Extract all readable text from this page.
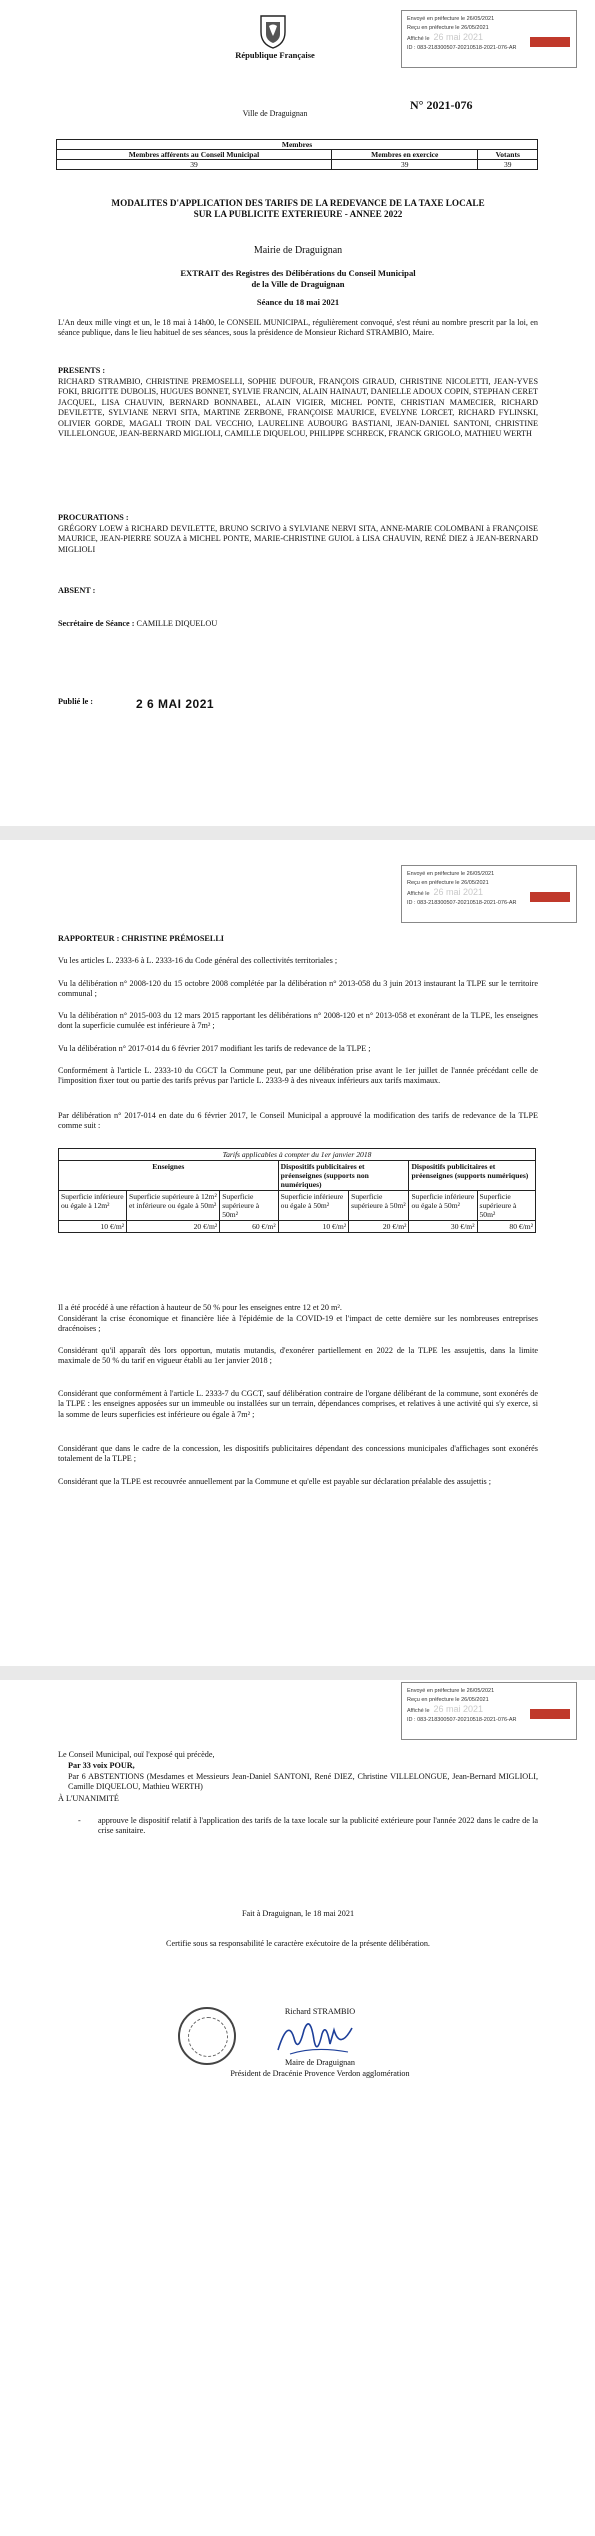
Envoyé en préfecture le 26/05/2021
Reçu en préfecture le 26/05/2021
Affiché le 26 mai 2021
ID : 083-218300507-20210518-2021-076-AR
République Française
Ville de Draguignan
N° 2021-076
Membres		
Membres afférents au Conseil Municipal	Membres en exercice	Votants
39	39	39
MODALITES D'APPLICATION DES TARIFS DE LA REDEVANCE DE LA TAXE LOCALE
SUR LA PUBLICITE EXTERIEURE - ANNEE 2022
Mairie de Draguignan
EXTRAIT des Registres des Délibérations du Conseil Municipal
de la Ville de Draguignan
Séance du 18 mai 2021
L'An deux mille vingt et un, le 18 mai à 14h00, le CONSEIL MUNICIPAL, régulièrement convoqué, s'est réuni au nombre prescrit par la loi, en séance publique, dans le lieu habituel de ses séances, sous la présidence de Monsieur Richard STRAMBIO, Maire.
PRESENTS :
RICHARD STRAMBIO, CHRISTINE PREMOSELLI, SOPHIE DUFOUR, FRANÇOIS GIRAUD, CHRISTINE NICOLETTI, JEAN-YVES FOKI, BRIGITTE DUBOLIS, HUGUES BONNET, SYLVIE FRANCIN, ALAIN HAINAUT, DANIELLE ADOUX COPIN, STEPHAN CERET JACQUEL, LISA CHAUVIN, BERNARD BONNABEL, ALAIN VIGIER, MICHEL PONTE, CHRISTIAN MAMECIER, RICHARD DEVILETTE, SYLVIANE NERVI SITA, MARTINE ZERBONE, FRANÇOISE MAURICE, EVELYNE LORCET, RICHARD FYLINSKI, OLIVIER GORDE, MAGALI TROIN DAL VECCHIO, LAURELINE AUBOURG BASTIANI, JEAN-DANIEL SANTONI, CHRISTINE VILLELONGUE, JEAN-BERNARD MIGLIOLI, CAMILLE DIQUELOU, PHILIPPE SCHRECK, FRANCK GRIGOLO, MATHIEU WERTH
PROCURATIONS :
GRÉGORY LOEW à RICHARD DEVILETTE, BRUNO SCRIVO à SYLVIANE NERVI SITA, ANNE-MARIE COLOMBANI à FRANÇOISE MAURICE, JEAN-PIERRE SOUZA à MICHEL PONTE, MARIE-CHRISTINE GUIOL à LISA CHAUVIN, RENÉ DIEZ à JEAN-BERNARD MIGLIOLI
ABSENT :
Secrétaire de Séance : CAMILLE DIQUELOU
Publié le :	2 6 MAI 2021
Envoyé en préfecture le 26/05/2021
Reçu en préfecture le 26/05/2021
Affiché le 26 mai 2021
ID : 083-218300507-20210518-2021-076-AR
RAPPORTEUR : CHRISTINE PRÉMOSELLI
Vu les articles L. 2333-6 à L. 2333-16 du Code général des collectivités territoriales ;
Vu la délibération n° 2008-120 du 15 octobre 2008 complétée par la délibération n° 2013-058 du 3 juin 2013 instaurant la TLPE sur le territoire communal ;
Vu la délibération n° 2015-003 du 12 mars 2015 rapportant les délibérations n° 2008-120 et n° 2013-058 et exonérant de la TLPE, les enseignes dont la superficie cumulée est inférieure à 7m² ;
Vu la délibération n° 2017-014 du 6 février 2017 modifiant les tarifs de redevance de la TLPE ;
Conformément à l'article L. 2333-10 du CGCT la Commune peut, par une délibération prise avant le 1er juillet de l'année précédant celle de l'imposition fixer tout ou partie des tarifs prévus par l'article L. 2333-9 à des niveaux inférieurs aux tarifs maximaux.
Par délibération n° 2017-014 en date du 6 février 2017, le Conseil Municipal a approuvé la modification des tarifs de redevance de la TLPE comme suit :
Tarifs applicables à compter du 1er janvier 2018						
Enseignes			Dispositifs publicitaires et préenseignes (supports non numériques)		Dispositifs publicitaires et préenseignes (supports numériques)	
Superficie inférieure ou égale à 12m²	Superficie supérieure à 12m² et inférieure ou égale à 50m²	Superficie supérieure à 50m²	Superficie inférieure ou égale à 50m²	Superficie supérieure à 50m²	Superficie inférieure ou égale à 50m²	Superficie supérieure à 50m²
10 €/m²	20 €/m²	60 €/m²	10 €/m²	20 €/m²	30 €/m²	80 €/m²
Il a été procédé à une réfaction à hauteur de 50 % pour les enseignes entre 12 et 20 m².
Considérant la crise économique et financière liée à l'épidémie de la COVID-19 et l'impact de cette dernière sur les nombreuses entreprises dracénoises ;
Considérant qu'il apparaît dès lors opportun, mutatis mutandis, d'exonérer partiellement en 2022 de la TLPE les assujettis, dans la limite maximale de 50 % du tarif en vigueur établi au 1er janvier 2018 ;
Considérant que conformément à l'article L. 2333-7 du CGCT, sauf délibération contraire de l'organe délibérant de la commune, sont exonérés de la TLPE : les enseignes apposées sur un immeuble ou installées sur un terrain, dépendances comprises, et relatives à une activité qui s'y exerce, si la somme de leurs superficies est inférieure ou égale à 7m² ;
Considérant que dans le cadre de la concession, les dispositifs publicitaires dépendant des concessions municipales d'affichages sont exonérés totalement de la TLPE ;
Considérant que la TLPE est recouvrée annuellement par la Commune et qu'elle est payable sur déclaration préalable des assujettis ;
Envoyé en préfecture le 26/05/2021
Reçu en préfecture le 26/05/2021
Affiché le 26 mai 2021
ID : 083-218300507-20210518-2021-076-AR
Le Conseil Municipal, ouï l'exposé qui précède,
Par 33 voix POUR,
Par 6 ABSTENTIONS (Mesdames et Messieurs Jean-Daniel SANTONI, René DIEZ, Christine VILLELONGUE, Jean-Bernard MIGLIOLI, Camille DIQUELOU, Mathieu WERTH)
À L'UNANIMITÉ
-	approuve le dispositif relatif à l'application des tarifs de la taxe locale sur la publicité extérieure pour l'année 2022 dans le cadre de la crise sanitaire.
Fait à Draguignan, le 18 mai 2021
Certifie sous sa responsabilité le caractère exécutoire de la présente délibération.
Richard STRAMBIO
Maire de Draguignan
Président de Dracénie Provence Verdon agglomération
